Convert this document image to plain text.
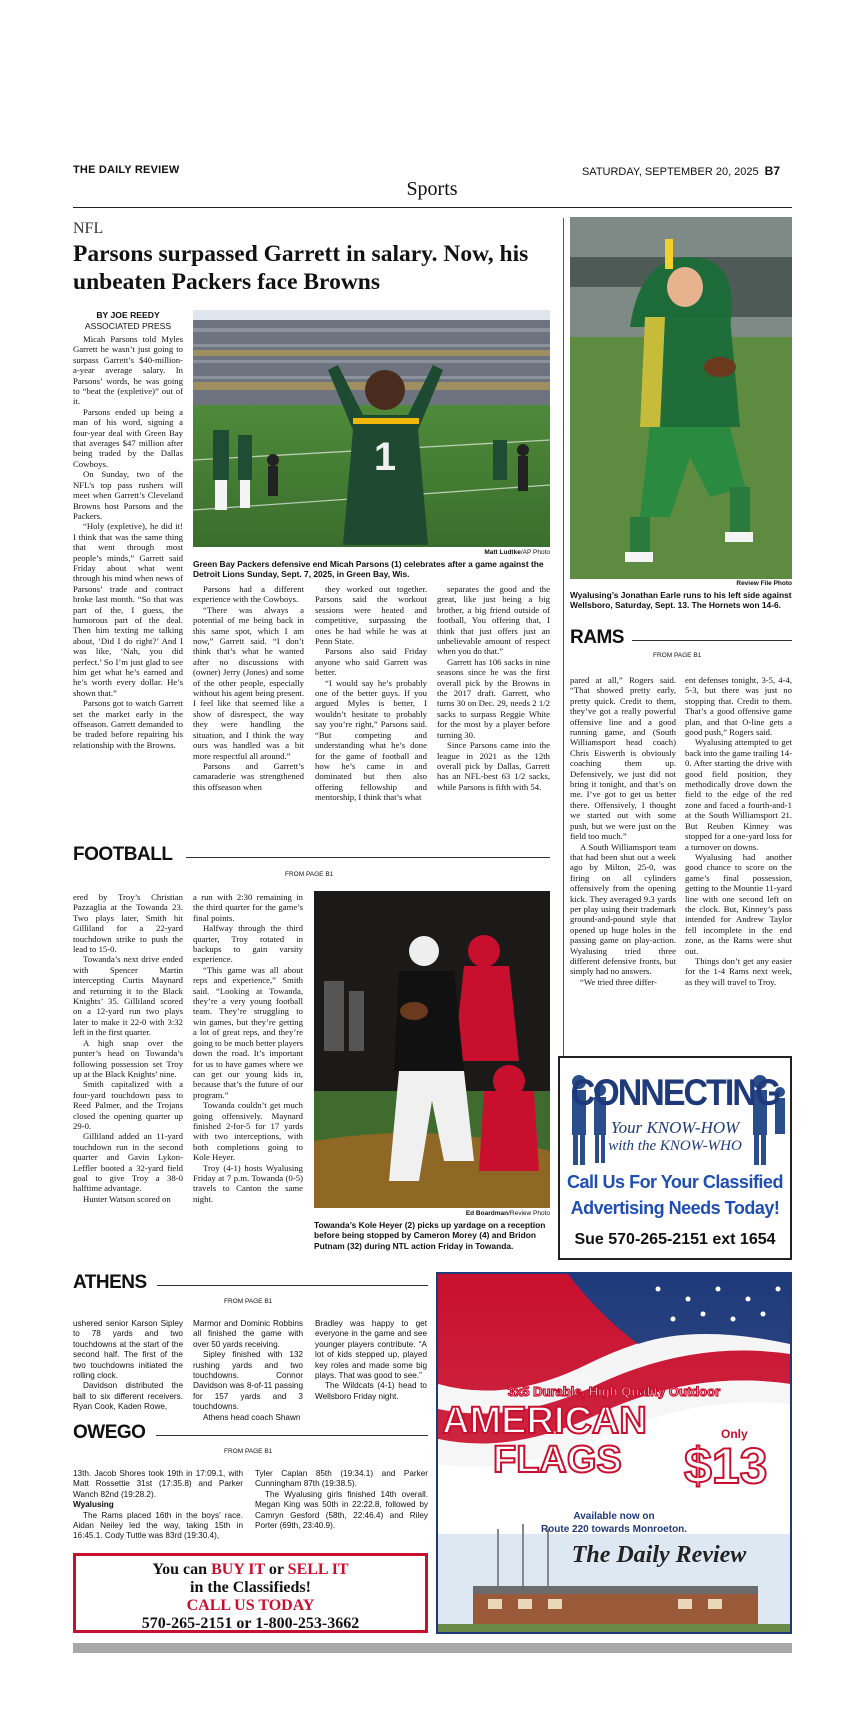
THE DAILY REVIEW	SATURDAY, SEPTEMBER 20, 2025 B7
Sports
NFL
Parsons surpassed Garrett in salary. Now, his unbeaten Packers face Browns
BY JOE REEDY
ASSOCIATED PRESS

Micah Parsons told Myles Garrett he wasn’t just going to surpass Garrett’s $40-million-a-year average salary. In Parsons’ words, he was going to “beat the (expletive)” out of it.

Parsons ended up being a man of his word, signing a four-year deal with Green Bay that averages $47 million after being traded by the Dallas Cowboys.

On Sunday, two of the NFL’s top pass rushers will meet when Garrett’s Cleveland Browns host Parsons and the Packers.

“Holy (expletive), he did it! I think that was the same thing that went through most people’s minds,” Garrett said Friday about what went through his mind when news of Parsons’ trade and contract broke last month. “So that was part of the, I guess, the humorous part of the deal. Then him texting me talking about, ‘Did I do right?’ And I was like, ‘Nah, you did perfect.’ So I’m just glad to see him get what he’s earned and he’s worth every dollar. He’s shown that.”

Parsons got to watch Garrett set the market early in the offseason. Garrett demanded to be traded before repairing his relationship with the Browns.

1
Matt Ludtke/AP Photo
Green Bay Packers defensive end Micah Parsons (1) celebrates after a game against the Detroit Lions Sunday, Sept. 7, 2025, in Green Bay, Wis.

Parsons had a different experience with the Cowboys.

“There was always a potential of me being back in this same spot, which I am now,” Garrett said. “I don’t think that’s what he wanted after no discussions with (owner) Jerry (Jones) and some of the other people, especially without his agent being present. I feel like that seemed like a show of disrespect, the way they were handling the situation, and I think the way ours was handled was a bit more respectful all around.”

Parsons and Garrett’s camaraderie was strengthened this offseason when

they worked out together. Parsons said the workout sessions were heated and competitive, surpassing the ones he had while he was at Penn State.

Parsons also said Friday anyone who said Garrett was better.

“I would say he’s probably one of the better guys. If you argued Myles is better, I wouldn’t hesitate to probably say you’re right,” Parsons said. “But competing and understanding what he’s done for the game of football and how he’s came in and dominated but then also offering fellowship and mentorship, I think that’s what

separates the good and the great, like just being a big brother, a big friend outside of football, You offering that, I think that just offers just an unbelievable amount of respect when you do that.”

Garrett has 106 sacks in nine seasons since he was the first overall pick by the Browns in the 2017 draft. Garrett, who turns 30 on Dec. 29, needs 2 1/2 sacks to surpass Reggie White for the most by a player before turning 30.

Since Parsons came into the league in 2021 as the 12th overall pick by Dallas, Garrett has an NFL-best 63 1/2 sacks, while Parsons is fifth with 54.

Review File Photo
Wyalusing’s Jonathan Earle runs to his left side against Wellsboro, Saturday, Sept. 13. The Hornets won 14-6.
RAMS
FROM PAGE B1

pared at all,” Rogers said. “That showed pretty early, pretty quick. Credit to them, they’ve got a really powerful offensive line and a good running game, and (South Williamsport head coach) Chris Eiswerth is obviously coaching them up. Defensively, we just did not bring it tonight, and that’s on me. I’ve got to get us better there. Offensively, I thought we started out with some push, but we were just on the field too much.”

A South Williamsport team that had been shut out a week ago by Milton, 25-0, was firing on all cylinders offensively from the opening kick. They averaged 9.3 yards per play using their trademark ground-and-pound style that opened up huge holes in the passing game on play-action. Wyalusing tried three different defensive fronts, but simply had no answers.

“We tried three differ-

ent defenses tonight, 3-5, 4-4, 5-3, but there was just no stopping that. Credit to them. That’s a good offensive game plan, and that O-line gets a good push,” Rogers said.

Wyalusing attempted to get back into the game trailing 14-0. After starting the drive with good field position, they methodically drove down the field to the edge of the red zone and faced a fourth-and-1 at the South Williamsport 21. But Reuben Kinney was stopped for a one-yard loss for a turnover on downs.

Wyalusing had another good chance to score on the game’s final possession, getting to the Mountie 11-yard line with one second left on the clock. But, Kinney’s pass intended for Andrew Taylor fell incomplete in the end zone, as the Rams were shut out.

Things don’t get any easier for the 1-4 Rams next week, as they will travel to Troy.

FOOTBALL
FROM PAGE B1

ered by Troy’s Christian Pazzaglia at the Towanda 23. Two plays later, Smith hit Gilliland for a 22-yard touchdown strike to push the lead to 15-0.

Towanda’s next drive ended with Spencer Martin intercepting Curtis Maynard and returning it to the Black Knights’ 35. Gilliland scored on a 12-yard run two plays later to make it 22-0 with 3:32 left in the first quarter.

A high snap over the punter’s head on Towanda’s following possession set Troy up at the Black Knights’ nine.

Smith capitalized with a four-yard touchdown pass to Reed Palmer, and the Trojans closed the opening quarter up 29-0.

Gilliland added an 11-yard touchdown run in the second quarter and Gavin Lykon-Leffler booted a 32-yard field goal to give Troy a 38-0 halftime advantage.

Hunter Watson scored on

a run with 2:30 remaining in the third quarter for the game’s final points.

Halfway through the third quarter, Troy rotated in backups to gain varsity experience.

“This game was all about reps and experience,” Smith said. “Looking at Towanda, they’re a very young football team. They’re struggling to win games, but they’re getting a lot of great reps, and they’re going to be much better players down the road. It’s important for us to have games where we can get our young kids in, because that’s the future of our program.”

Towanda couldn’t get much going offensively. Maynard finished 2-for-5 for 17 yards with two interceptions, with both completions going to Kole Heyer.

Troy (4-1) hosts Wyalusing Friday at 7 p.m. Towanda (0-5) travels to Canton the same night.

Ed Boardman/Review Photo
Towanda’s Kole Heyer (2) picks up yardage on a reception before being stopped by Cameron Morey (4) and Bridon Putnam (32) during NTL action Friday in Towanda.
CONNECTING
Your KNOW-HOW
with the KNOW-WHO
Call Us For Your Classified
Advertising Needs Today!
Sue 570-265-2151 ext 1654
ATHENS
FROM PAGE B1

ushered senior Karson Sipley to 78 yards and two touchdowns at the start of the second half. The first of the two touchdowns initiated the rolling clock.

Davidson distributed the ball to six different receivers. Ryan Cook, Kaden Rowe,

Marmor and Dominic Robbins all finished the game with over 50 yards receiving.

Sipley finished with 132 rushing yards and two touchdowns. Connor Davidson was 8-of-11 passing for 157 yards and 3 touchdowns.

Athens head coach Shawn

Bradley was happy to get everyone in the game and see younger players contribute. “A lot of kids stepped up, played key roles and made some big plays. That was good to see.”

The Wildcats (4-1) head to Wellsboro Friday night.

OWEGO
FROM PAGE B1

13th. Jacob Shores took 19th in 17:09.1, with Matt Rossettie 31st (17:35.8) and Parker Wanch 82nd (19:28.2).

Wyalusing

The Rams placed 16th in the boys’ race. Aidan Neiley led the way, taking 15th in 16:45.1. Cody Tuttle was 83rd (19:30.4),

Tyler Caplan 85th (19:34.1) and Parker Cunningham 87th (19:38.5).

The Wyalusing girls finished 14th overall. Megan King was 50th in 22:22.8, followed by Camryn Gesford (58th, 22:46.4) and Riley Porter (69th, 23:40.9).

You can BUY IT or SELL IT
in the Classifieds!
CALL US TODAY
570-265-2151 or 1-800-253-3662
3x5 Durable, High Quality Outdoor
AMERICAN
FLAGS
Only
$13
Available now on
Route 220 towards Monroeton.
The Daily Review
